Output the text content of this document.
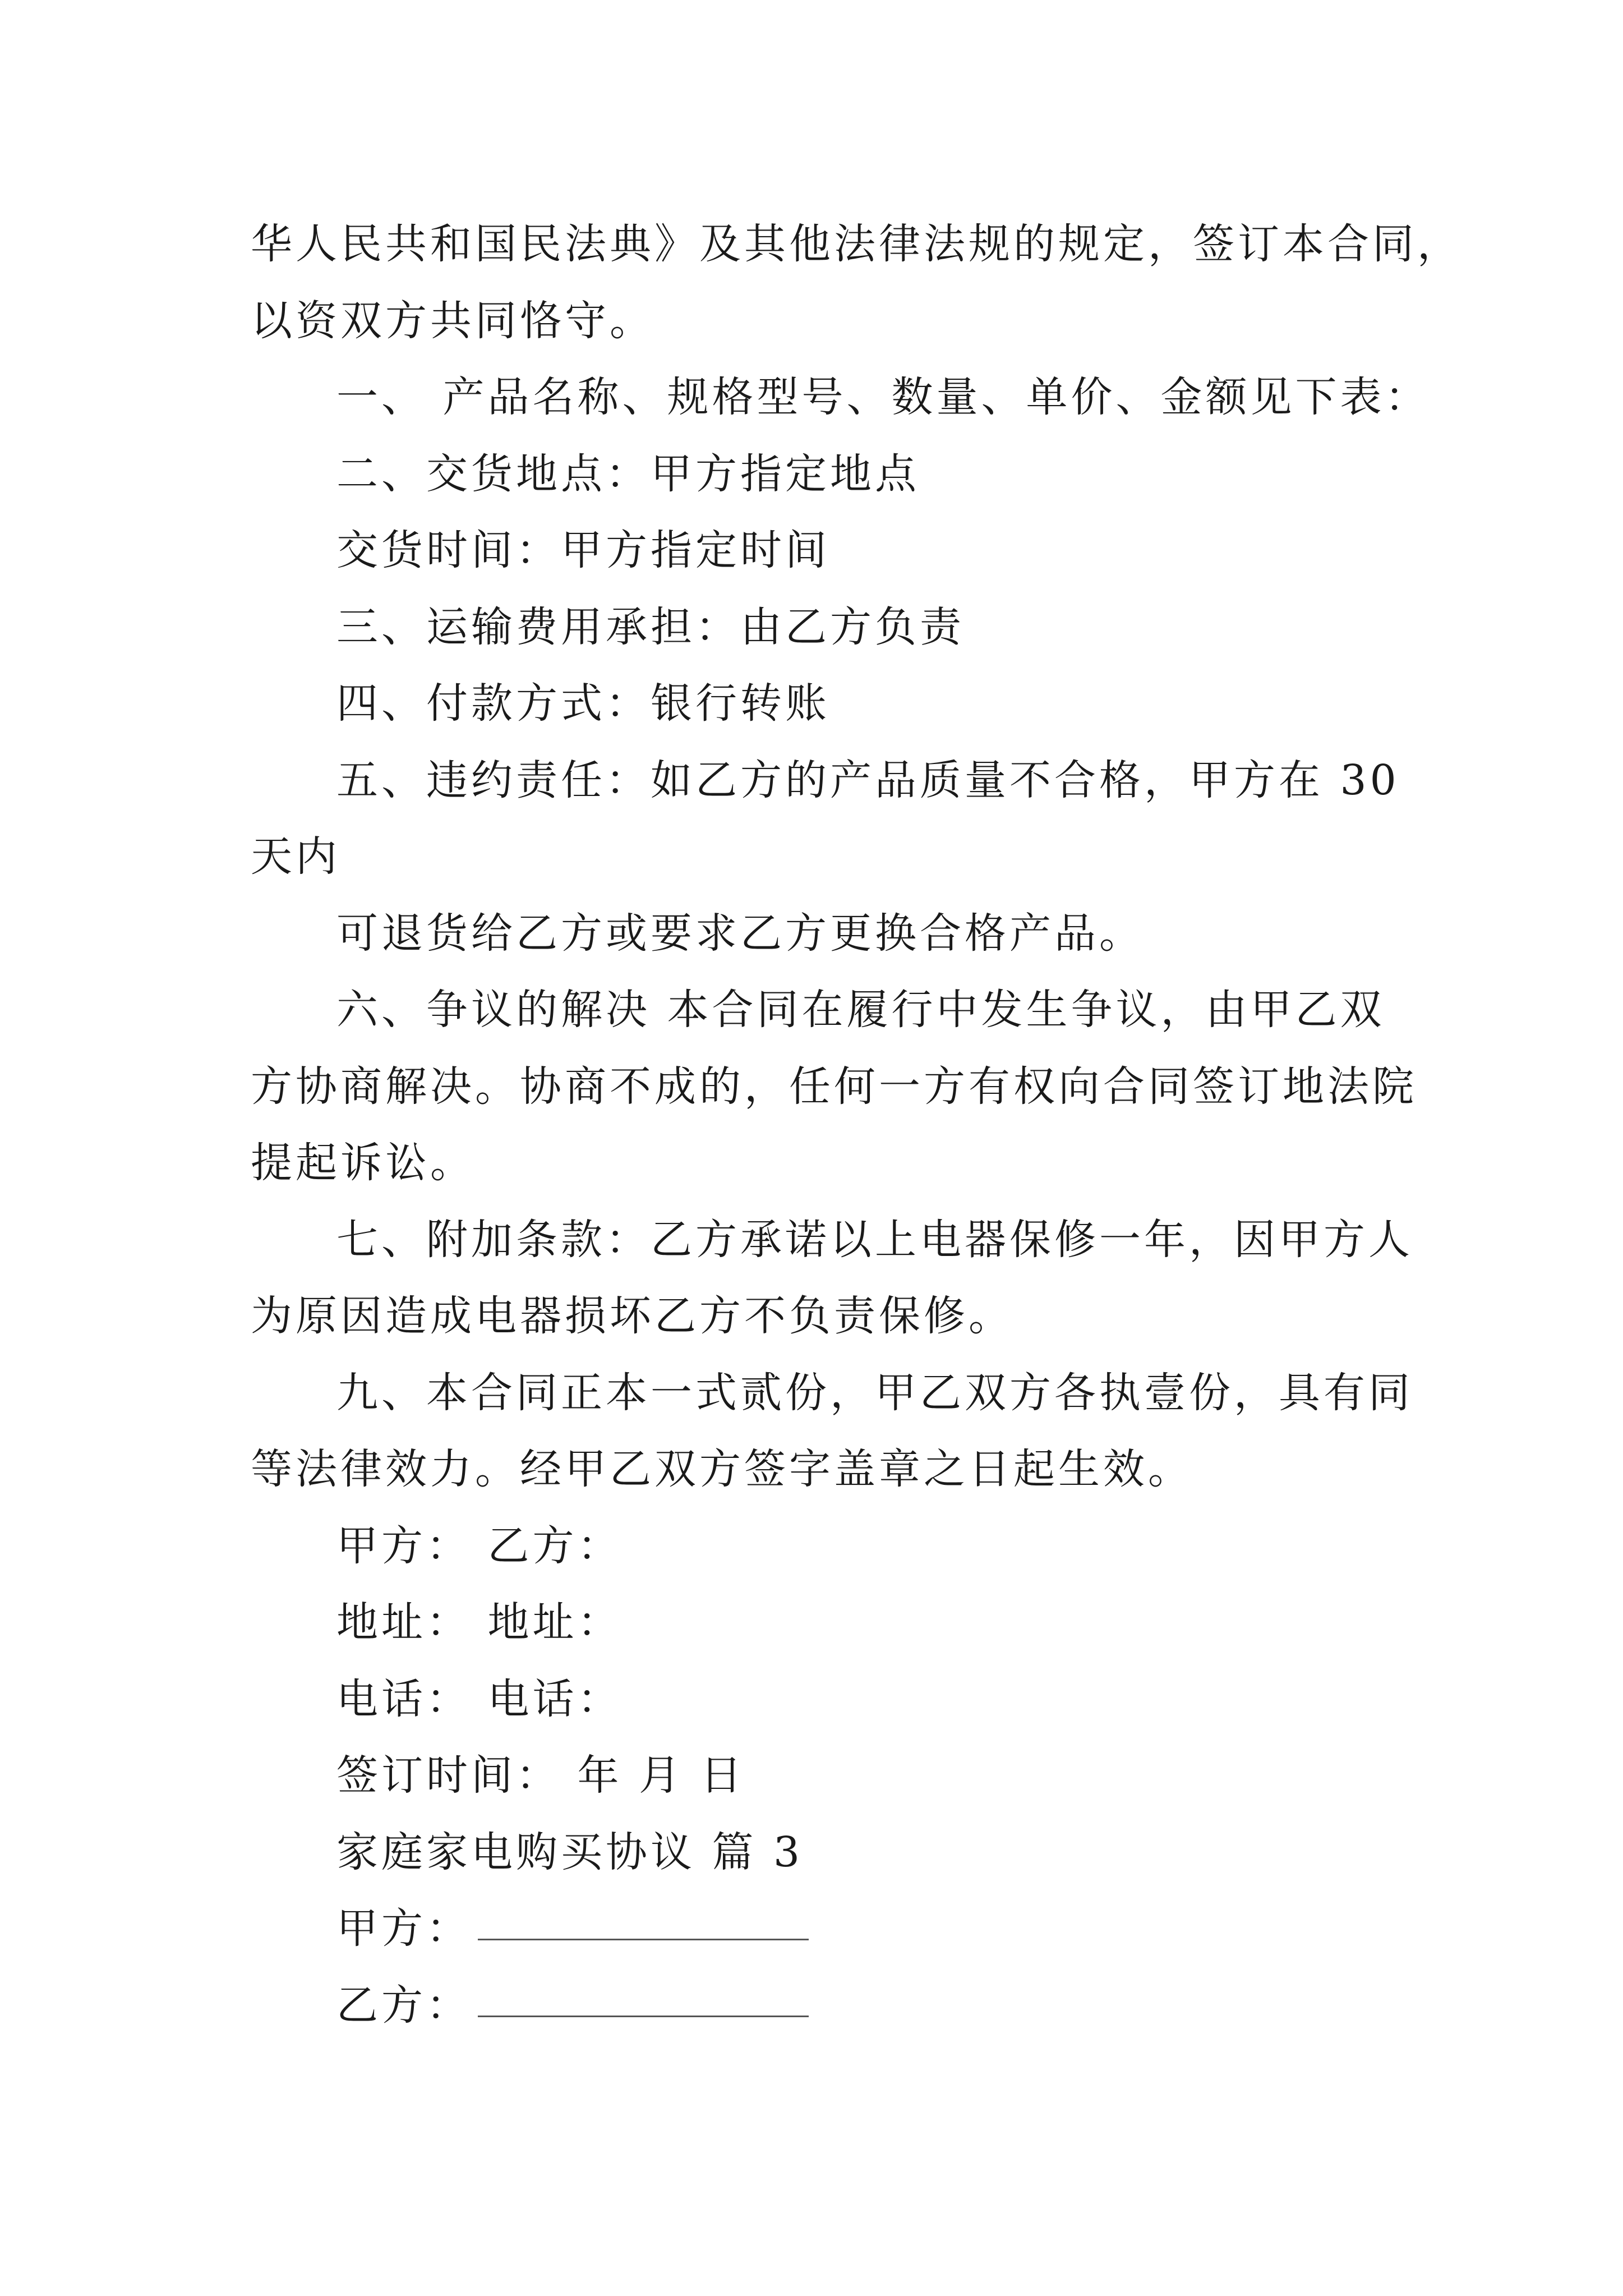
华人民共和国民法典》及其他法律法规的规定，签订本合同，
以资双方共同恪守。
一、 产品名称、规格型号、数量、单价、金额见下表：
二、交货地点：甲方指定地点
交货时间：甲方指定时间
三、运输费用承担：由乙方负责
四、付款方式：银行转账
五、违约责任：如乙方的产品质量不合格，甲方在 30
天内
可退货给乙方或要求乙方更换合格产品。
六、争议的解决 本合同在履行中发生争议，由甲乙双
方协商解决。协商不成的，任何一方有权向合同签订地法院
提起诉讼。
七、附加条款：乙方承诺以上电器保修一年，因甲方人
为原因造成电器损坏乙方不负责保修。
九、本合同正本一式贰份，甲乙双方各执壹份，具有同
等法律效力。经甲乙双方签字盖章之日起生效。
甲方： 乙方：
地址： 地址：
电话： 电话：
签订时间： 年 月 日
家庭家电购买协议 篇 3
甲方：
乙方：
